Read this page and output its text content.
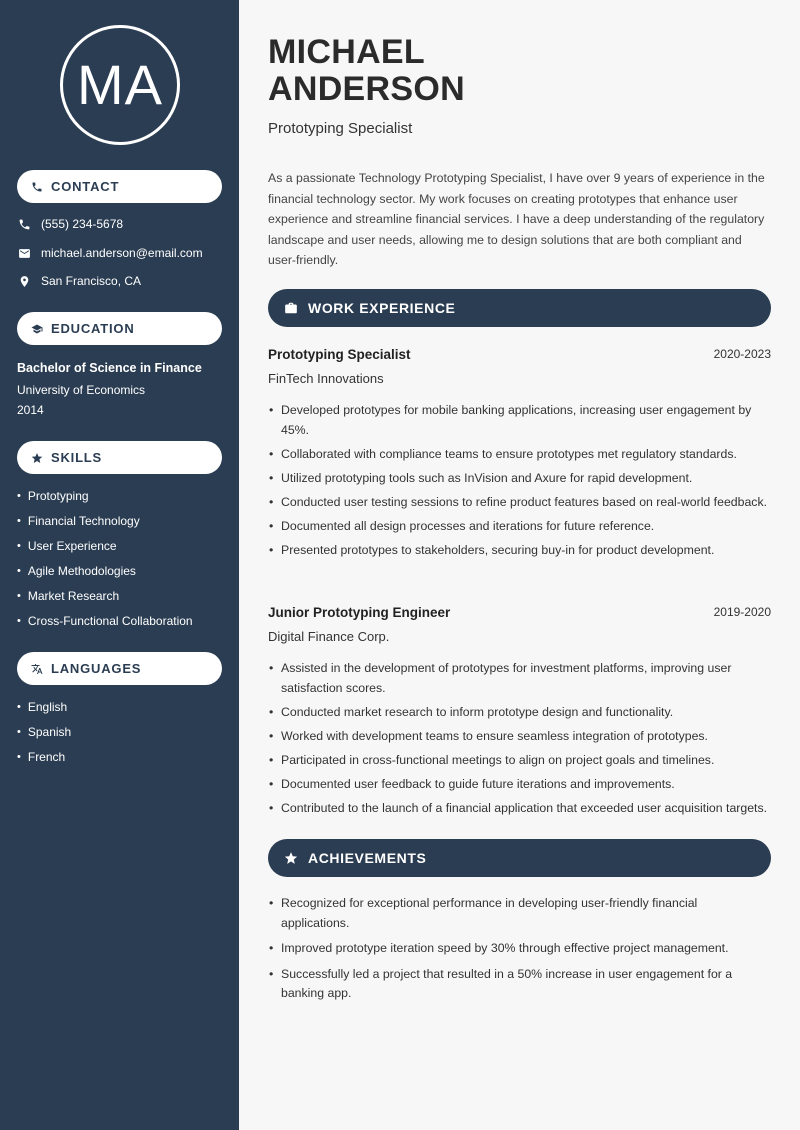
MA
CONTACT
(555) 234-5678
michael.anderson@email.com
San Francisco, CA
EDUCATION
Bachelor of Science in Finance
University of Economics
2014
SKILLS
• Prototyping
• Financial Technology
• User Experience
• Agile Methodologies
• Market Research
• Cross-Functional Collaboration
LANGUAGES
• English
• Spanish
• French
MICHAEL
ANDERSON
Prototyping Specialist

As a passionate Technology Prototyping Specialist, I have over 9 years of experience in the financial technology sector. My work focuses on creating prototypes that enhance user experience and streamline financial services. I have a deep understanding of the regulatory landscape and user needs, allowing me to design solutions that are both compliant and user-friendly.

WORK EXPERIENCE
Prototyping Specialist	2020-2023
FinTech Innovations
• Developed prototypes for mobile banking applications, increasing user engagement by 45%.
• Collaborated with compliance teams to ensure prototypes met regulatory standards.
• Utilized prototyping tools such as InVision and Axure for rapid development.
• Conducted user testing sessions to refine product features based on real-world feedback.
• Documented all design processes and iterations for future reference.
• Presented prototypes to stakeholders, securing buy-in for product development.
Junior Prototyping Engineer	2019-2020
Digital Finance Corp.
• Assisted in the development of prototypes for investment platforms, improving user satisfaction scores.
• Conducted market research to inform prototype design and functionality.
• Worked with development teams to ensure seamless integration of prototypes.
• Participated in cross-functional meetings to align on project goals and timelines.
• Documented user feedback to guide future iterations and improvements.
• Contributed to the launch of a financial application that exceeded user acquisition targets.
ACHIEVEMENTS
• Recognized for exceptional performance in developing user-friendly financial applications.
• Improved prototype iteration speed by 30% through effective project management.
• Successfully led a project that resulted in a 50% increase in user engagement for a banking app.
